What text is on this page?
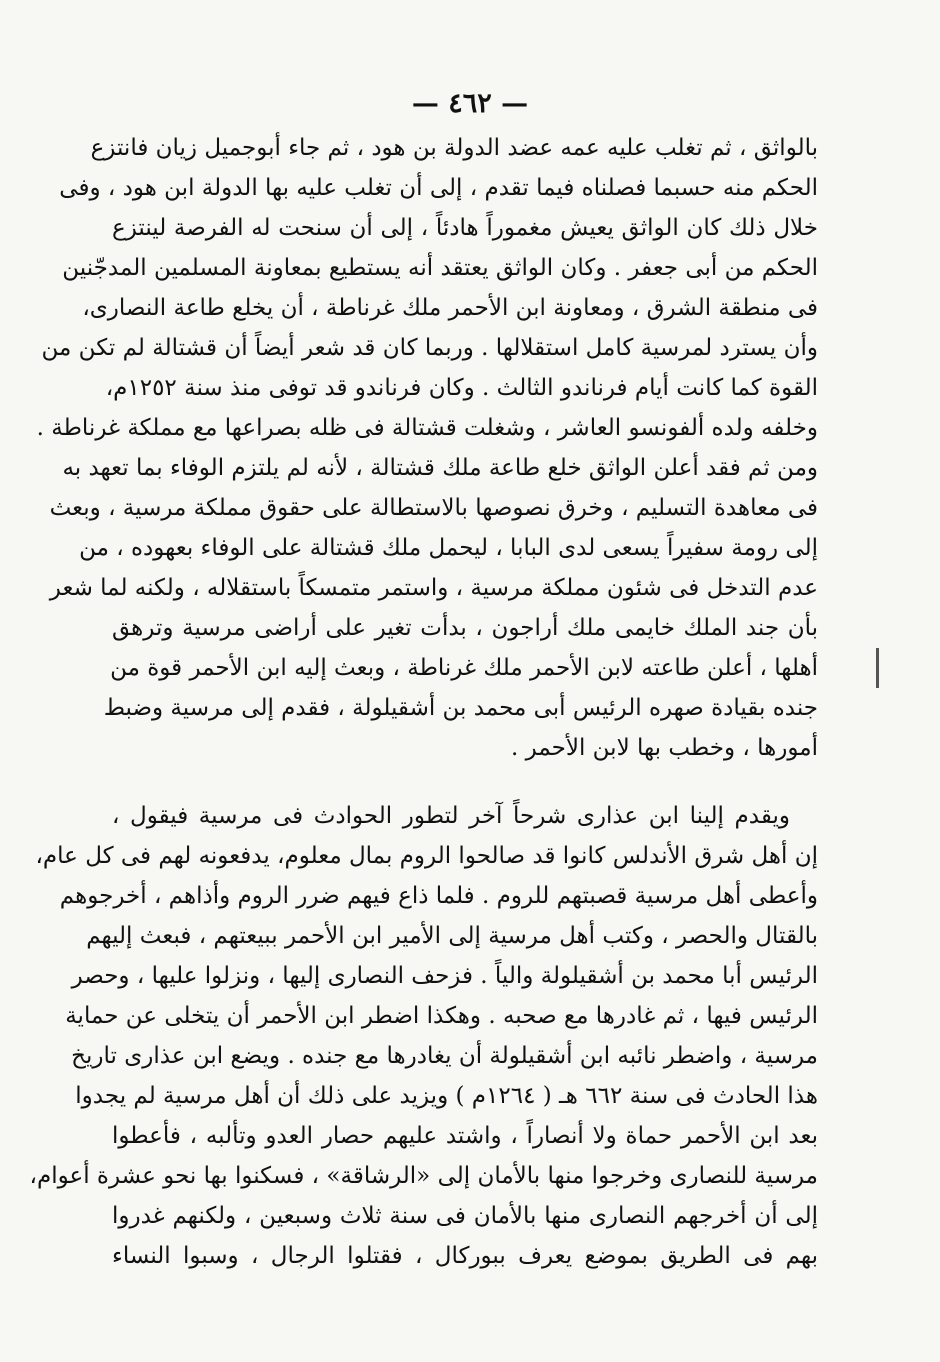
— ٤٦٢ —
بالواثق ، ثم تغلب عليه عمه عضد الدولة بن هود ، ثم جاء أبوجميل زيان فانتزع
الحكم منه حسبما فصلناه فيما تقدم ، إلى أن تغلب عليه بها الدولة ابن هود ، وفى
خلال ذلك كان الواثق يعيش مغموراً هادئاً ، إلى أن سنحت له الفرصة لينتزع
الحكم من أبى جعفر . وكان الواثق يعتقد أنه يستطيع بمعاونة المسلمين المدجّنين
فى منطقة الشرق ، ومعاونة ابن الأحمر ملك غرناطة ، أن يخلع طاعة النصارى،
وأن يسترد لمرسية كامل استقلالها . وربما كان قد شعر أيضاً أن قشتالة لم تكن من
القوة كما كانت أيام فرناندو الثالث . وكان فرناندو قد توفى منذ سنة ١٢٥٢م،
وخلفه ولده ألفونسو العاشر ، وشغلت قشتالة فى ظله بصراعها مع مملكة غرناطة .
ومن ثم فقد أعلن الواثق خلع طاعة ملك قشتالة ، لأنه لم يلتزم الوفاء بما تعهد به
فى معاهدة التسليم ، وخرق نصوصها بالاستطالة على حقوق مملكة مرسية ، وبعث
إلى رومة سفيراً يسعى لدى البابا ، ليحمل ملك قشتالة على الوفاء بعهوده ، من
عدم التدخل فى شئون مملكة مرسية ، واستمر متمسكاً باستقلاله ، ولكنه لما شعر
بأن جند الملك خايمى ملك أراجون ، بدأت تغير على أراضى مرسية وترهق
أهلها ، أعلن طاعته لابن الأحمر ملك غرناطة ، وبعث إليه ابن الأحمر قوة من
جنده بقيادة صهره الرئيس أبى محمد بن أشقيلولة ، فقدم إلى مرسية وضبط
أمورها ، وخطب بها لابن الأحمر .
ويقدم إلينا ابن عذارى شرحاً آخر لتطور الحوادث فى مرسية فيقول ،
إن أهل شرق الأندلس كانوا قد صالحوا الروم بمال معلوم، يدفعونه لهم فى كل عام،
وأعطى أهل مرسية قصبتهم للروم . فلما ذاع فيهم ضرر الروم وأذاهم ، أخرجوهم
بالقتال والحصر ، وكتب أهل مرسية إلى الأمير ابن الأحمر ببيعتهم ، فبعث إليهم
الرئيس أبا محمد بن أشقيلولة والياً . فزحف النصارى إليها ، ونزلوا عليها ، وحصر
الرئيس فيها ، ثم غادرها مع صحبه . وهكذا اضطر ابن الأحمر أن يتخلى عن حماية
مرسية ، واضطر نائبه ابن أشقيلولة أن يغادرها مع جنده . ويضع ابن عذارى تاريخ
هذا الحادث فى سنة ٦٦٢ هـ ( ١٢٦٤م ) ويزيد على ذلك أن أهل مرسية لم يجدوا
بعد ابن الأحمر حماة ولا أنصاراً ، واشتد عليهم حصار العدو وتألبه ، فأعطوا
مرسية للنصارى وخرجوا منها بالأمان إلى «الرشاقة» ، فسكنوا بها نحو عشرة أعوام،
إلى أن أخرجهم النصارى منها بالأمان فى سنة ثلاث وسبعين ، ولكنهم غدروا
بهم فى الطريق بموضع يعرف ببوركال ، فقتلوا الرجال ، وسبوا النساء
